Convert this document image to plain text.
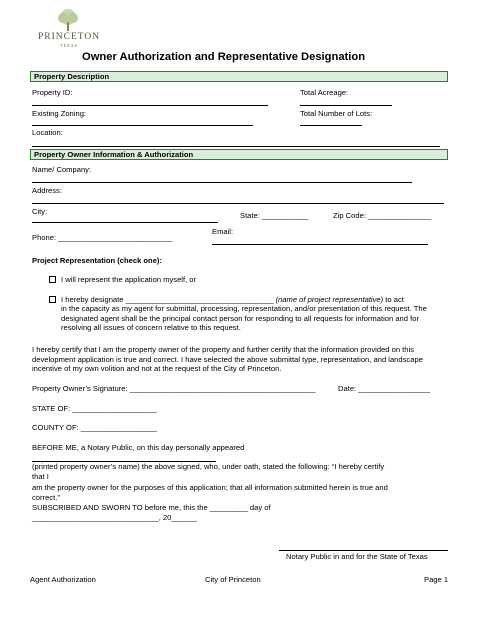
PRINCETON
TEXAS
Owner Authorization and Representative Designation
Property Description
Property ID:	Total Acreage:
Existing Zoning:	Total Number of Lots:
Location:
Property Owner Information & Authorization
Name/ Company:
Address:
City:	State: ___________	Zip Code: _______________
Email:
Phone: ___________________________
Project Representation (check one):
I will represent the application myself, or
I hereby designate ___________________________________ (name of project representative) to act
in the capacity as my agent for submittal, processing, representation, and/or presentation of this request. The designated agent shall be the principal contact person for responding to all requests for information and for resolving all issues of concern relative to this request.
I hereby certify that I am the property owner of the property and further certify that the information provided on this development application is true and correct. I have selected the above submittal type, representation, and landscape incentive of my own volition and not at the request of the City of Princeton.
Property Owner’s Signature: ____________________________________________	Date: _________________
STATE OF: ____________________
COUNTY OF: __________________
BEFORE ME, a Notary Public, on this day personally appeared
(printed property owner’s name) the above signed, who, under oath, stated the following: “I hereby certify
that I
am the property owner for the purposes of this application; that all information submitted herein is true and
correct.”
SUBSCRIBED AND SWORN TO before me, this the _________ day of
______________________________, 20______
Notary Public in and for the State of Texas
Agent Authorization	City of Princeton	Page 1
